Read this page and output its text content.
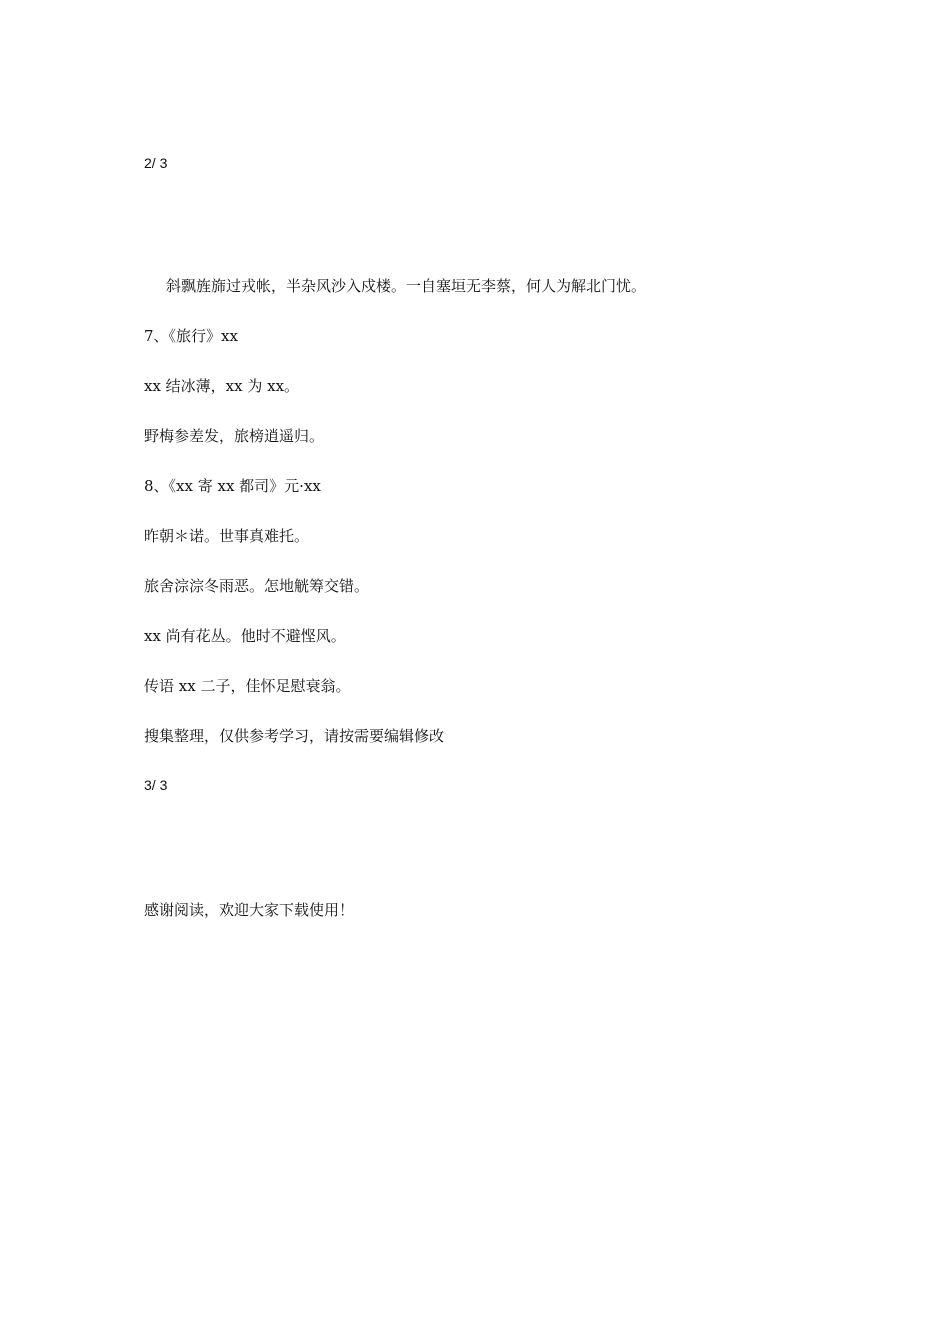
2/ 3
斜飘旌旆过戎帐，半杂风沙入戍楼。一自塞垣无李蔡，何人为解北门忧。
7、《旅行》xx
xx 结冰薄，xx 为 xx。
野梅参差发，旅榜逍遥归。
8、《xx 寄 xx 都司》元·xx
昨朝＊诺。世事真难托。
旅舍淙淙冬雨恶。怎地觥筹交错。
xx 尚有花丛。他时不避悭风。
传语 xx 二子，佳怀足慰衰翁。
搜集整理，仅供参考学习，请按需要编辑修改
3/ 3
感谢阅读，欢迎大家下载使用！
